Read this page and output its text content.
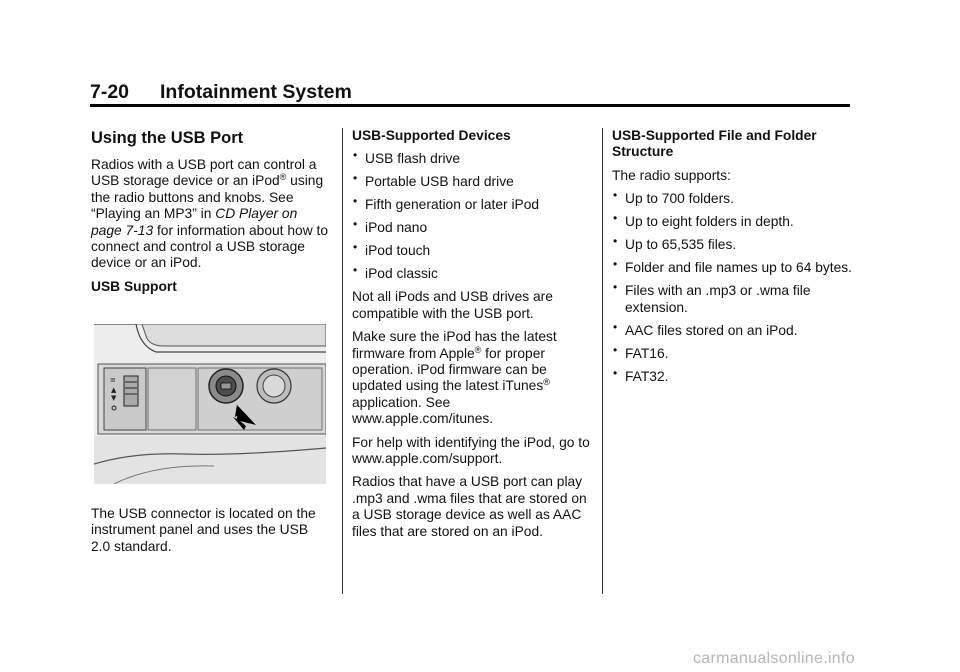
7-20 Infotainment System
Using the USB Port

Radios with a USB port can control a USB storage device or an iPod® using the radio buttons and knobs. See “Playing an MP3” in CD Player on page 7-13 for information about how to connect and control a USB storage device or an iPod.

USB Support

≡
▲
▼
The USB connector is located on the instrument panel and uses the USB 2.0 standard.

USB-Supported Devices

• USB flash drive
• Portable USB hard drive
• Fifth generation or later iPod
• iPod nano
• iPod touch
• iPod classic

Not all iPods and USB drives are compatible with the USB port.

Make sure the iPod has the latest firmware from Apple® for proper operation. iPod firmware can be updated using the latest iTunes® application. See www.apple.com/itunes.

For help with identifying the iPod, go to www.apple.com/support.

Radios that have a USB port can play .mp3 and .wma files that are stored on a USB storage device as well as AAC files that are stored on an iPod.

USB-Supported File and Folder Structure

The radio supports:

• Up to 700 folders.
• Up to eight folders in depth.
• Up to 65,535 files.
• Folder and file names up to 64 bytes.
• Files with an .mp3 or .wma file extension.
• AAC files stored on an iPod.
• FAT16.
• FAT32.
carmanualsonline.info
